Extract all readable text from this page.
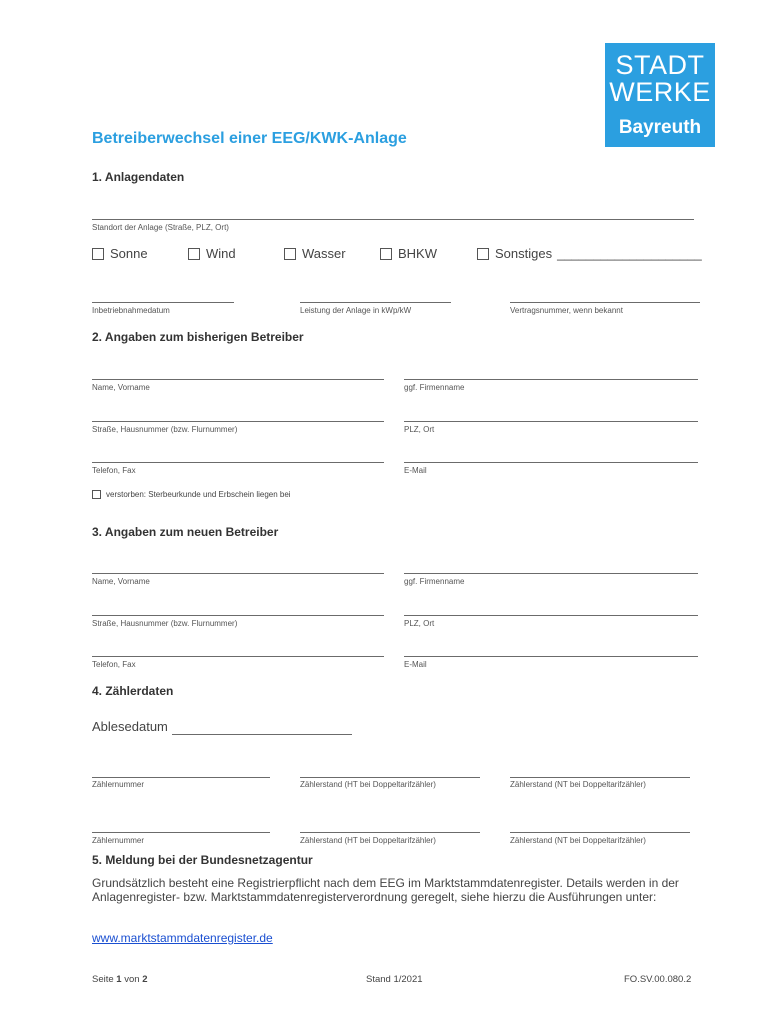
STADT
WERKE
Bayreuth
Betreiberwechsel einer EEG/KWK-Anlage
1. Anlagendaten
Standort der Anlage (Straße, PLZ, Ort)
Sonne	Wind	Wasser	BHKW	Sonstiges ____________________
Inbetriebnahmedatum	Leistung der Anlage in kWp/kW	Vertragsnummer, wenn bekannt
2. Angaben zum bisherigen Betreiber
Name, Vorname	ggf. Firmenname
Straße, Hausnummer (bzw. Flurnummer)	PLZ, Ort
Telefon, Fax	E-Mail
verstorben: Sterbeurkunde und Erbschein liegen bei
3. Angaben zum neuen Betreiber
Name, Vorname	ggf. Firmenname
Straße, Hausnummer (bzw. Flurnummer)	PLZ, Ort
Telefon, Fax	E-Mail
4. Zählerdaten
Ablesedatum
Zählernummer	Zählerstand (HT bei Doppeltarifzähler)	Zählerstand (NT bei Doppeltarifzähler)
Zählernummer	Zählerstand (HT bei Doppeltarifzähler)	Zählerstand (NT bei Doppeltarifzähler)
5. Meldung bei der Bundesnetzagentur
Grundsätzlich besteht eine Registrierpflicht nach dem EEG im Marktstammdatenregister. Details werden in der Anlagenregister- bzw. Marktstammdatenregisterverordnung geregelt, siehe hierzu die Ausführungen unter:
www.marktstammdatenregister.de
Seite 1 von 2	Stand 1/2021	FO.SV.00.080.2
